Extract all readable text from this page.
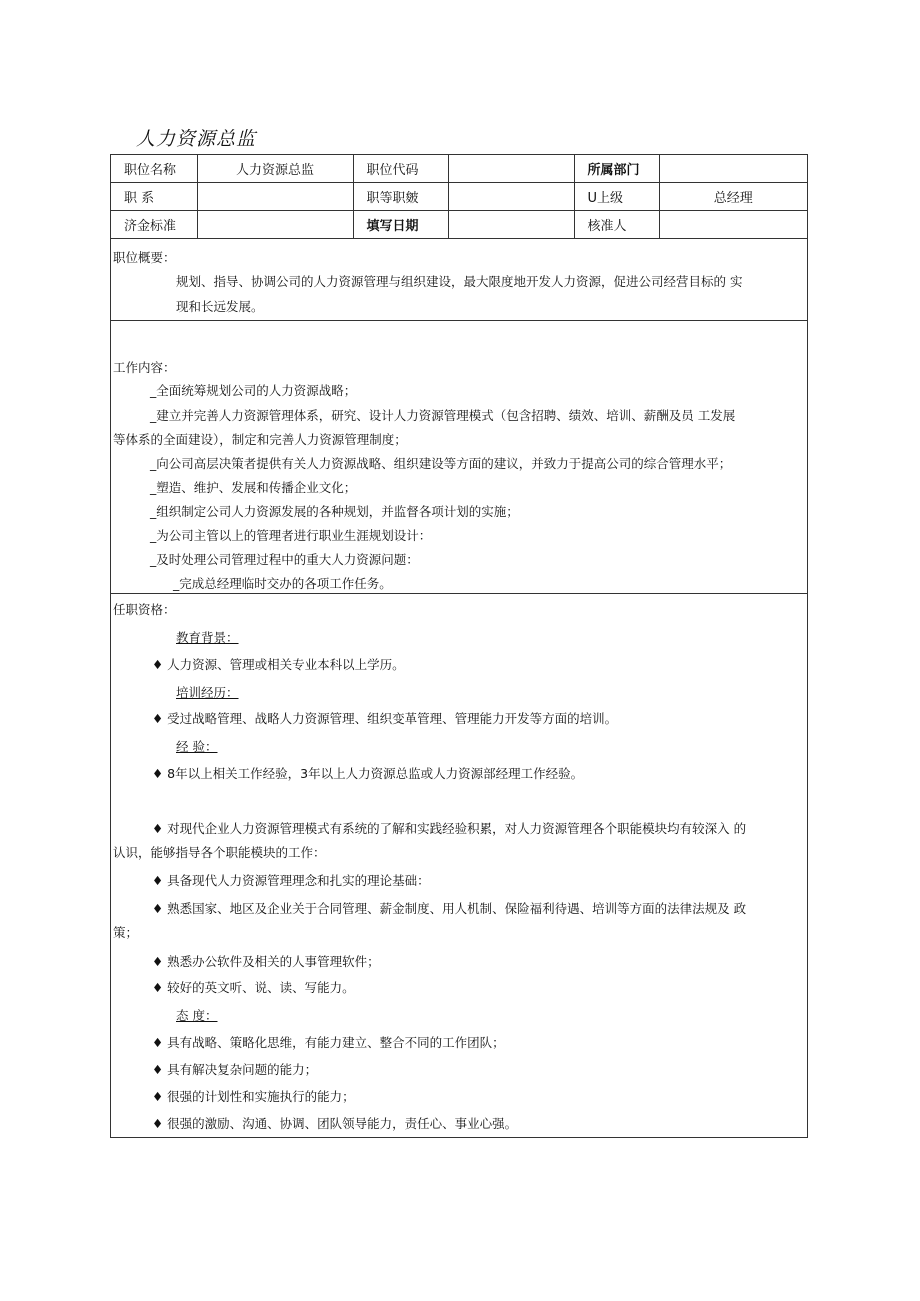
人力资源总监
职位名称	人力资源总监	职位代码		所属部门	
职 系		职等职皴		U上级	总经理
济金标准		填写日期		核准人	
职位概要：
规划、指导、协调公司的人力资源管理与组织建设，最大限度地开发人力资源，促进公司经营目标的 实
现和长远发展。
工作内容：
_全面统筹规划公司的人力资源战略；
_建立并完善人力资源管理体系，研究、设计人力资源管理模式（包含招聘、绩效、培训、薪酬及员 工发展
等体系的全面建设），制定和完善人力资源管理制度；
_向公司高层决策者提供有关人力资源战略、组织建设等方面的建议，并致力于提高公司的综合管理水平；
_塑造、维护、发展和传播企业文化；
_组织制定公司人力资源发展的各种规划，并监督各项计划的实施；
_为公司主管以上的管理者进行职业生涯规划设计：
_及时处理公司管理过程中的重大人力资源问题：
_完成总经理临时交办的各项工作任务。
任职资格：
教育背景：
♦ 人力资源、管理或相关专业本科以上学历。
培训经历：
♦ 受过战略管理、战略人力资源管理、组织变革管理、管理能力开发等方面的培训。
经 验：
♦ 8年以上相关工作经验，3年以上人力资源总监或人力资源部经理工作经验。
♦ 对现代企业人力资源管理模式有系统的了解和实践经验积累，对人力资源管理各个职能模块均有较深入 的
认识，能够指导各个职能模块的工作：
♦ 具备现代人力资源管理理念和扎实的理论基础：
♦ 熟悉国家、地区及企业关于合同管理、薪金制度、用人机制、保险福利待遇、培训等方面的法律法规及 政
策；
♦ 熟悉办公软件及相关的人事管理软件；
♦ 较好的英文听、说、读、写能力。
态 度：
♦ 具有战略、策略化思维，有能力建立、整合不同的工作团队；
♦ 具有解决复杂问题的能力；
♦ 很强的计划性和实施执行的能力；
♦ 很强的激励、沟通、协调、团队领导能力，责任心、事业心强。
